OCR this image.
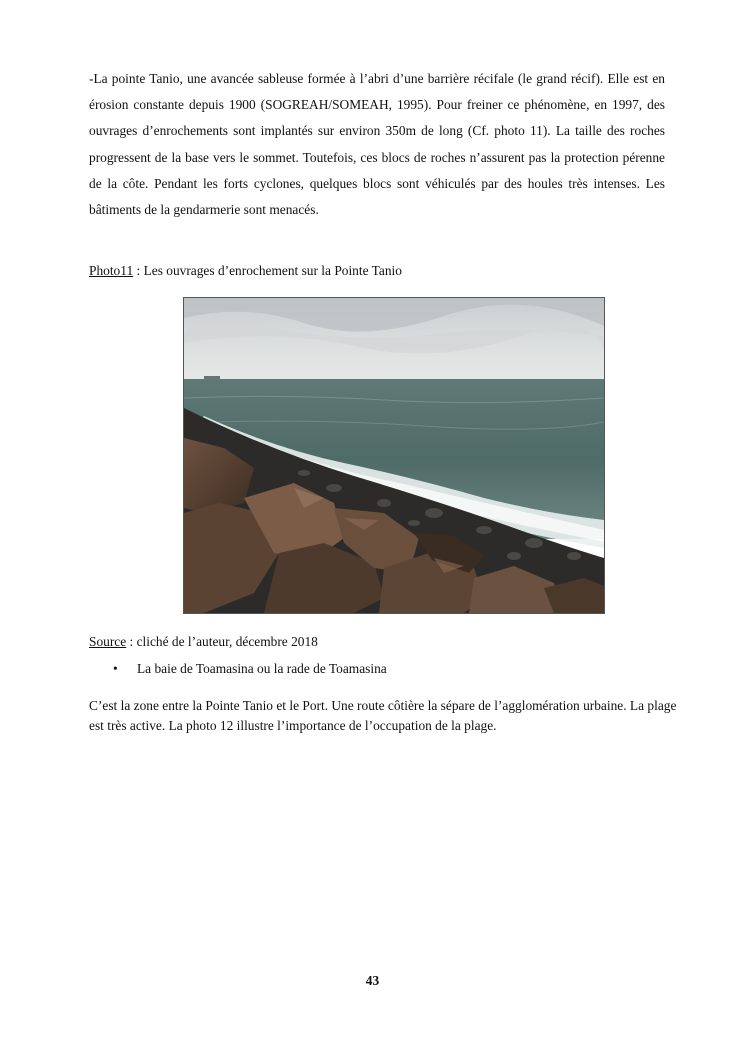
-La pointe Tanio, une avancée sableuse formée à l’abri d’une barrière récifale (le grand récif). Elle est en érosion constante depuis 1900 (SOGREAH/SOMEAH, 1995). Pour freiner ce phénomène, en 1997, des ouvrages d’enrochements sont implantés sur environ 350m de long (Cf. photo 11). La taille des roches progressent de la base vers le sommet. Toutefois, ces blocs de roches n’assurent pas la protection pérenne de la côte. Pendant les forts cyclones, quelques blocs sont véhiculés par des houles très intenses. Les bâtiments de la gendarmerie sont menacés.

Photo11 : Les ouvrages d’enrochement sur la Pointe Tanio
Source : cliché de l’auteur, décembre 2018
• La baie de Toamasina ou la rade de Toamasina

C’est la zone entre la Pointe Tanio et le Port. Une route côtière la sépare de l’agglomération urbaine. La plage est très active. La photo 12 illustre l’importance de l’occupation de la plage.

43
